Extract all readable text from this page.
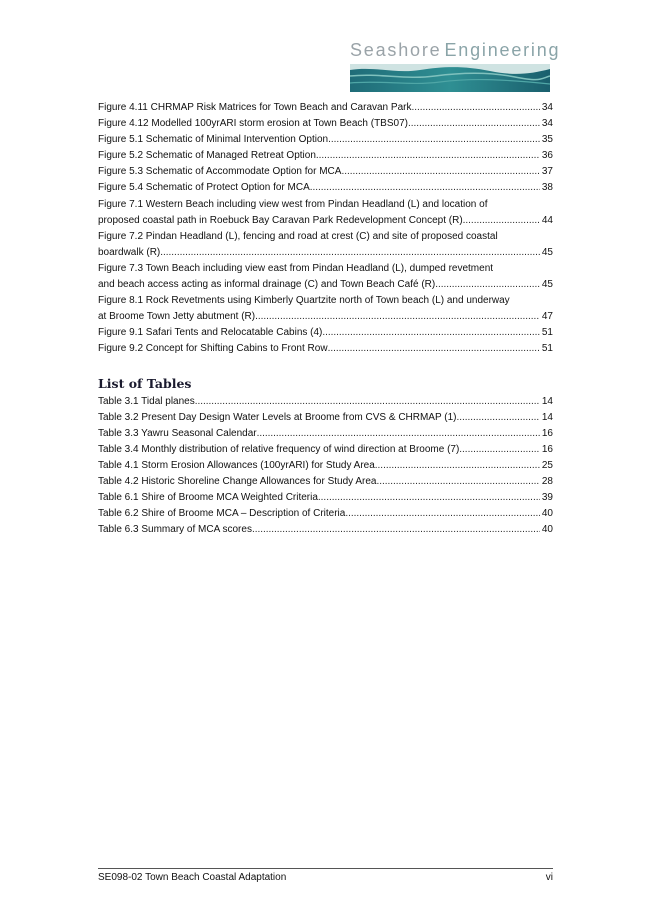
Seashore Engineering
Figure 4.11 CHRMAP Risk Matrices for Town Beach and Caravan Park . . .	34
Figure 4.12 Modelled 100yrARI storm erosion at Town Beach (TBS07) . . .	34
Figure 5.1 Schematic of Minimal Intervention Option . . .	35
Figure 5.2 Schematic of Managed Retreat Option . . .	36
Figure 5.3 Schematic of Accommodate Option for MCA . . .	37
Figure 5.4 Schematic of Protect Option for MCA . . .	38
Figure 7.1 Western Beach including view west from Pindan Headland (L) and location of
proposed coastal path in Roebuck Bay Caravan Park Redevelopment Concept (R). . . .	44
Figure 7.2 Pindan Headland (L), fencing and road at crest (C) and site of proposed coastal
boardwalk (R). . . .	45
Figure 7.3 Town Beach including view east from Pindan Headland (L), dumped revetment
and beach access acting as informal drainage (C) and Town Beach Café (R). . . .	45
Figure 8.1 Rock Revetments using Kimberly Quartzite north of Town beach (L) and underway
at Broome Town Jetty abutment (R). . . .	47
Figure 9.1 Safari Tents and Relocatable Cabins (4) . . .	51
Figure 9.2 Concept for Shifting Cabins to Front Row . . .	51
List of Tables
Table 3.1 Tidal planes . . .	14
Table 3.2 Present Day Design Water Levels at Broome from CVS & CHRMAP (1) . . .	14
Table 3.3 Yawru Seasonal Calendar . . .	16
Table 3.4 Monthly distribution of relative frequency of wind direction at Broome (7) . . .	16
Table 4.1 Storm Erosion Allowances (100yrARI) for Study Area . . .	25
Table 4.2 Historic Shoreline Change Allowances for Study Area . . .	28
Table 6.1 Shire of Broome MCA Weighted Criteria . . .	39
Table 6.2 Shire of Broome MCA – Description of Criteria . . .	40
Table 6.3 Summary of MCA scores . . .	40
SE098-02 Town Beach Coastal Adaptation	vi
